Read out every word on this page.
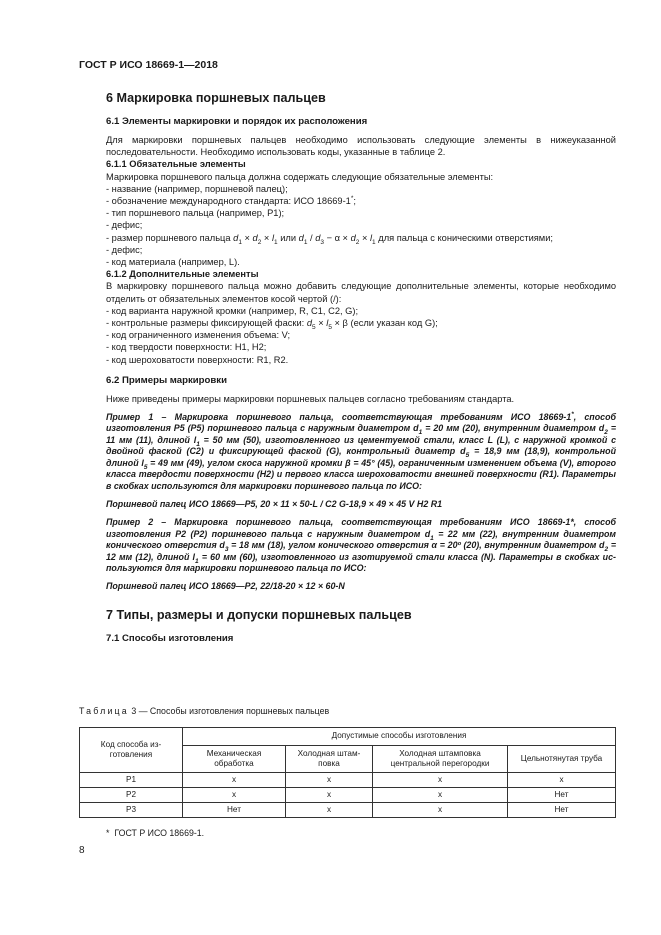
ГОСТ Р ИСО 18669-1—2018
6 Маркировка поршневых пальцев
6.1 Элементы маркировки и порядок их расположения

Для маркировки поршневых пальцев необходимо использовать следующие элементы в нижеуказанной последовательности. Необходимо использовать коды, указанные в таблице 2.

6.1.1 Обязательные элементы

Маркировка поршневого пальца должна содержать следующие обязательные элементы:

- название (например, поршневой палец);

- обозначение международного стандарта: ИСО 18669-1*;

- тип поршневого пальца (например, P1);

- дефис;

- размер поршневого пальца $d_1 \times d_2 \times l_1$ или $d_1 / d_3 - \alpha \times d_2 \times l_1$ для пальца с коническими отверстиями;

- дефис;

- код материала (например, L).

6.1.2 Дополнительные элементы

В маркировку поршневого пальца можно добавить следующие дополнительные элементы, которые необходимо отделить от обязательных элементов косой чертой (/):

- код варианта наружной кромки (например, R, C1, C2, G);

- контрольные размеры фиксирующей фаски: $d_5 \times l_5 \times \beta$ (если указан код G);

- код ограниченного изменения объема: V;

- код твердости поверхности: H1, H2;

- код шероховатости поверхности: R1, R2.

6.2 Примеры маркировки

Ниже приведены примеры маркировки поршневых пальцев согласно требованиям стандарта.

Пример 1 – Маркировка поршневого пальца, соответствующая требованиям ИСО 18669-1*, способ изготовления P5 (P5) поршневого пальца с наружным диаметром $d_1 = 20$ мм (20), внутренним диаметром $d_2 = 11$ мм (11), длиной $l_1 = 50$ мм (50), изготовленного из цементуемой стали, класс L (L), с наружной кромкой с двойной фаской (C2) и фиксирующей фаской (G), контрольный диаметр $d_5 = 18,9$ мм (18,9), контрольной длиной $l_5 = 49$ мм (49), углом скоса наружной кромки β = 45° (45), ограниченным изменением объема (V), второго класса твердости поверхности (H2) и первого класса шероховатости внешней поверхности (R1). Параметры в скобках используются для маркировки поршневого пальца по ИСО:

Поршневой палец ИСО 18669—P5, 20 × 11 × 50-L / C2 G-18,9 × 49 × 45 V H2 R1

Пример 2 – Маркировка поршневого пальца, соответствующая требованиям ИСО 18669-1*, способ изготовления P2 (P2) поршневого пальца с наружным диаметром $d_1 = 22$ мм (22), внутренним диаметром конического отверстия $d_3 = 18$ мм (18), углом конического отверстия α = 20º (20), внутренним диаметром $d_2 = 12$ мм (12), длиной $l_1 = 60$ мм (60), изготовленного из азотируемой стали класса (N). Параметры в скобках используются для маркировки поршневого пальца по ИСО:

Поршневой палец ИСО 18669—P2, 22/18-20 × 12 × 60-N

7 Типы, размеры и допуски поршневых пальцев
7.1 Способы изготовления
Таблица 3 — Способы изготовления поршневых пальцев
Код способа изготовления	Допустимые способы изготовления			
	Механическая обработка	Холодная штамповка	Холодная штамповка центральной перегородки	Цельнотянутая труба
P1	x	x	x	x
P2	x	x	x	Нет
P3	Нет	x	x	Нет
* ГОСТ Р ИСО 18669-1.
8
